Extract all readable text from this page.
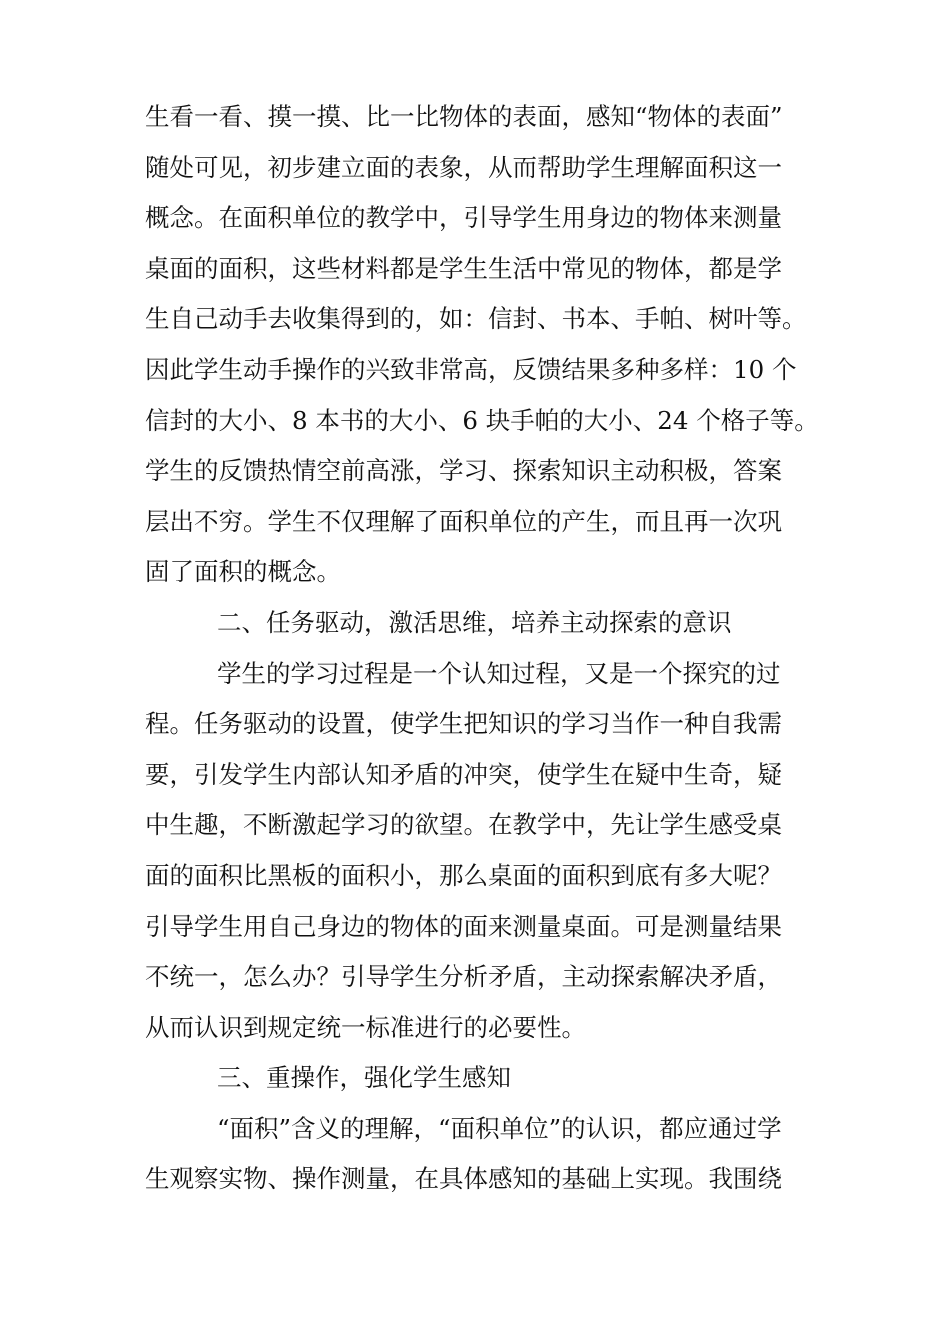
生看一看、摸一摸、比一比物体的表面，感知“物体的表面”
随处可见，初步建立面的表象，从而帮助学生理解面积这一
概念。在面积单位的教学中，引导学生用身边的物体来测量
桌面的面积，这些材料都是学生生活中常见的物体，都是学
生自己动手去收集得到的，如：信封、书本、手帕、树叶等。
因此学生动手操作的兴致非常高，反馈结果多种多样：10 个
信封的大小、8 本书的大小、6 块手帕的大小、24 个格子等。
学生的反馈热情空前高涨，学习、探索知识主动积极，答案
层出不穷。学生不仅理解了面积单位的产生，而且再一次巩
固了面积的概念。
二、任务驱动，激活思维，培养主动探索的意识
学生的学习过程是一个认知过程，又是一个探究的过
程。任务驱动的设置，使学生把知识的学习当作一种自我需
要，引发学生内部认知矛盾的冲突，使学生在疑中生奇，疑
中生趣，不断激起学习的欲望。在教学中，先让学生感受桌
面的面积比黑板的面积小，那么桌面的面积到底有多大呢？
引导学生用自己身边的物体的面来测量桌面。可是测量结果
不统一，怎么办？引导学生分析矛盾，主动探索解决矛盾，
从而认识到规定统一标准进行的必要性。
三、重操作，强化学生感知
“面积”含义的理解，“面积单位”的认识，都应通过学
生观察实物、操作测量，在具体感知的基础上实现。我围绕
